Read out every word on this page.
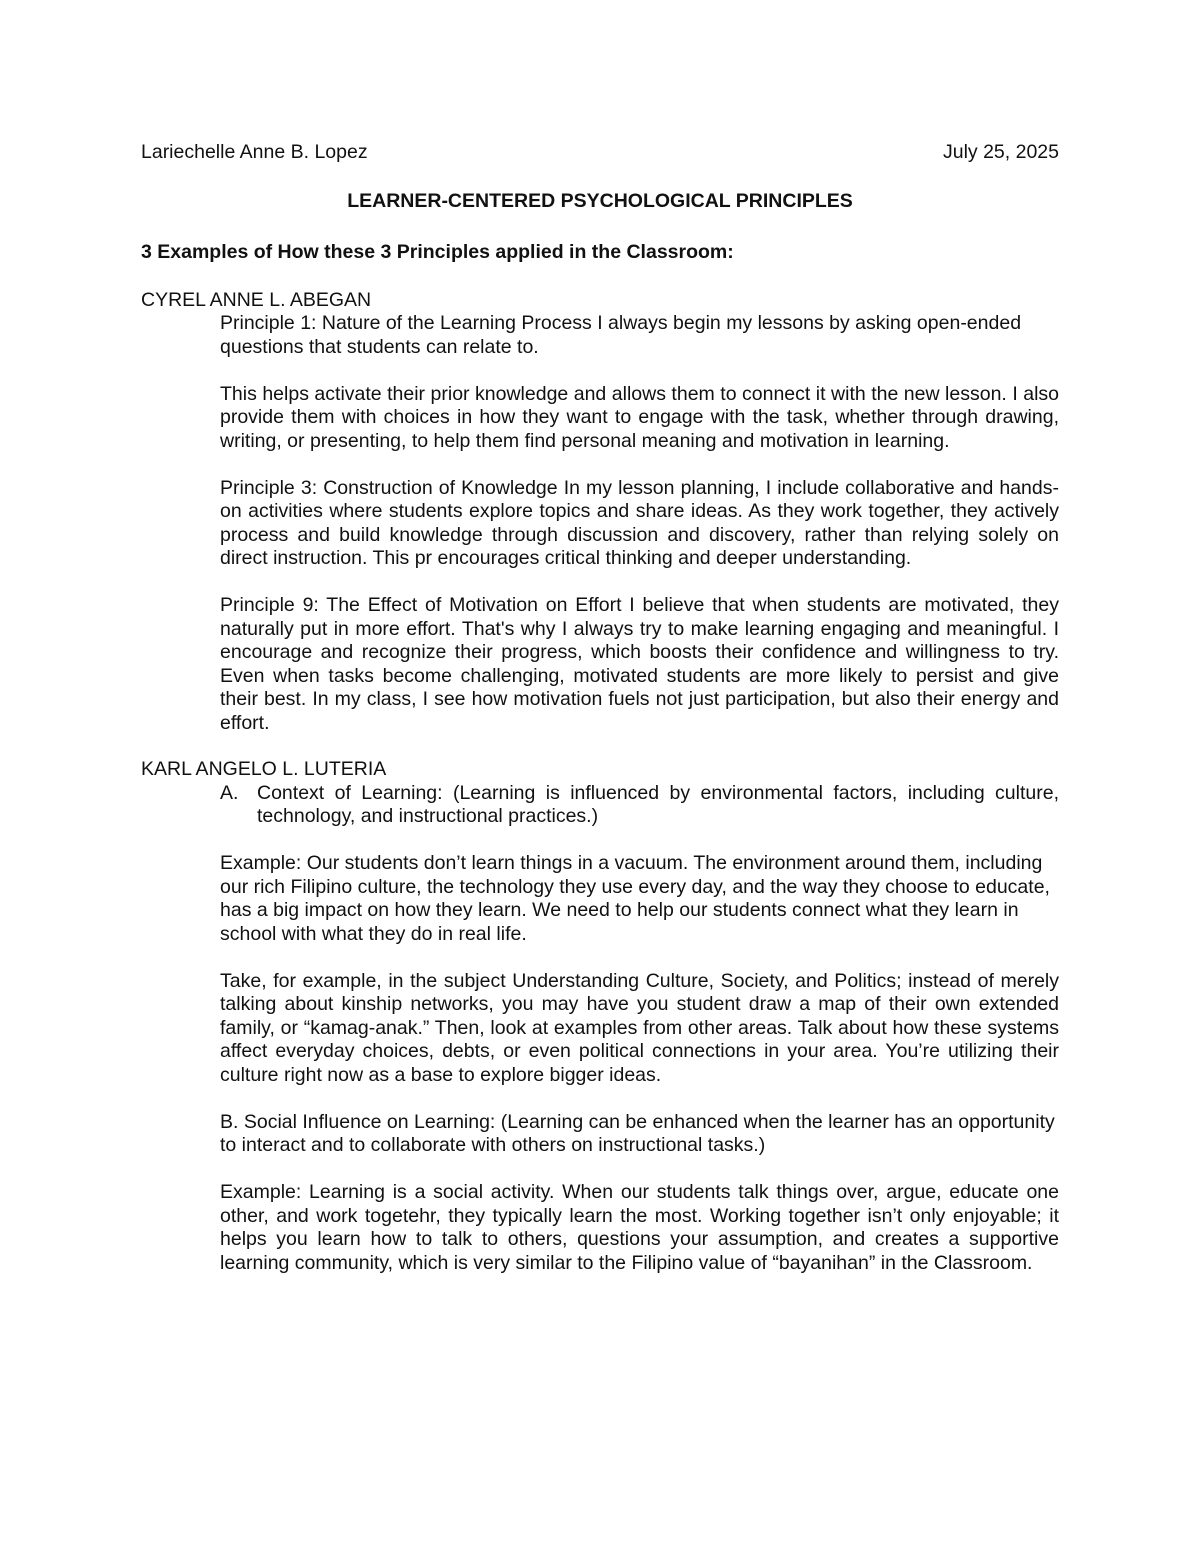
Lariechelle Anne B. Lopez	July 25, 2025
LEARNER-CENTERED PSYCHOLOGICAL PRINCIPLES
3 Examples of How these 3 Principles applied in the Classroom:
CYREL ANNE L. ABEGAN

Principle 1: Nature of the Learning Process I always begin my lessons by asking open-ended questions that students can relate to.

This helps activate their prior knowledge and allows them to connect it with the new lesson. I also provide them with choices in how they want to engage with the task, whether through drawing, writing, or presenting, to help them find personal meaning and motivation in learning.

Principle 3: Construction of Knowledge In my lesson planning, I include collaborative and hands-on activities where students explore topics and share ideas. As they work together, they actively process and build knowledge through discussion and discovery, rather than relying solely on direct instruction. This pr encourages critical thinking and deeper understanding.

Principle 9: The Effect of Motivation on Effort I believe that when students are motivated, they naturally put in more effort. That's why I always try to make learning engaging and meaningful. I encourage and recognize their progress, which boosts their confidence and willingness to try. Even when tasks become challenging, motivated students are more likely to persist and give their best. In my class, I see how motivation fuels not just participation, but also their energy and effort.

KARL ANGELO L. LUTERIA
A. Context of Learning: (Learning is influenced by environmental factors, including culture, technology, and instructional practices.)

Example: Our students don’t learn things in a vacuum. The environment around them, including our rich Filipino culture, the technology they use every day, and the way they choose to educate, has a big impact on how they learn. We need to help our students connect what they learn in school with what they do in real life.

Take, for example, in the subject Understanding Culture, Society, and Politics; instead of merely talking about kinship networks, you may have you student draw a map of their own extended family, or “kamag-anak.” Then, look at examples from other areas. Talk about how these systems affect everyday choices, debts, or even political connections in your area. You’re utilizing their culture right now as a base to explore bigger ideas.

B. Social Influence on Learning: (Learning can be enhanced when the learner has an opportunity to interact and to collaborate with others on instructional tasks.)

Example: Learning is a social activity. When our students talk things over, argue, educate one other, and work togetehr, they typically learn the most. Working together isn’t only enjoyable; it helps you learn how to talk to others, questions your assumption, and creates a supportive learning community, which is very similar to the Filipino value of “bayanihan” in the Classroom.
